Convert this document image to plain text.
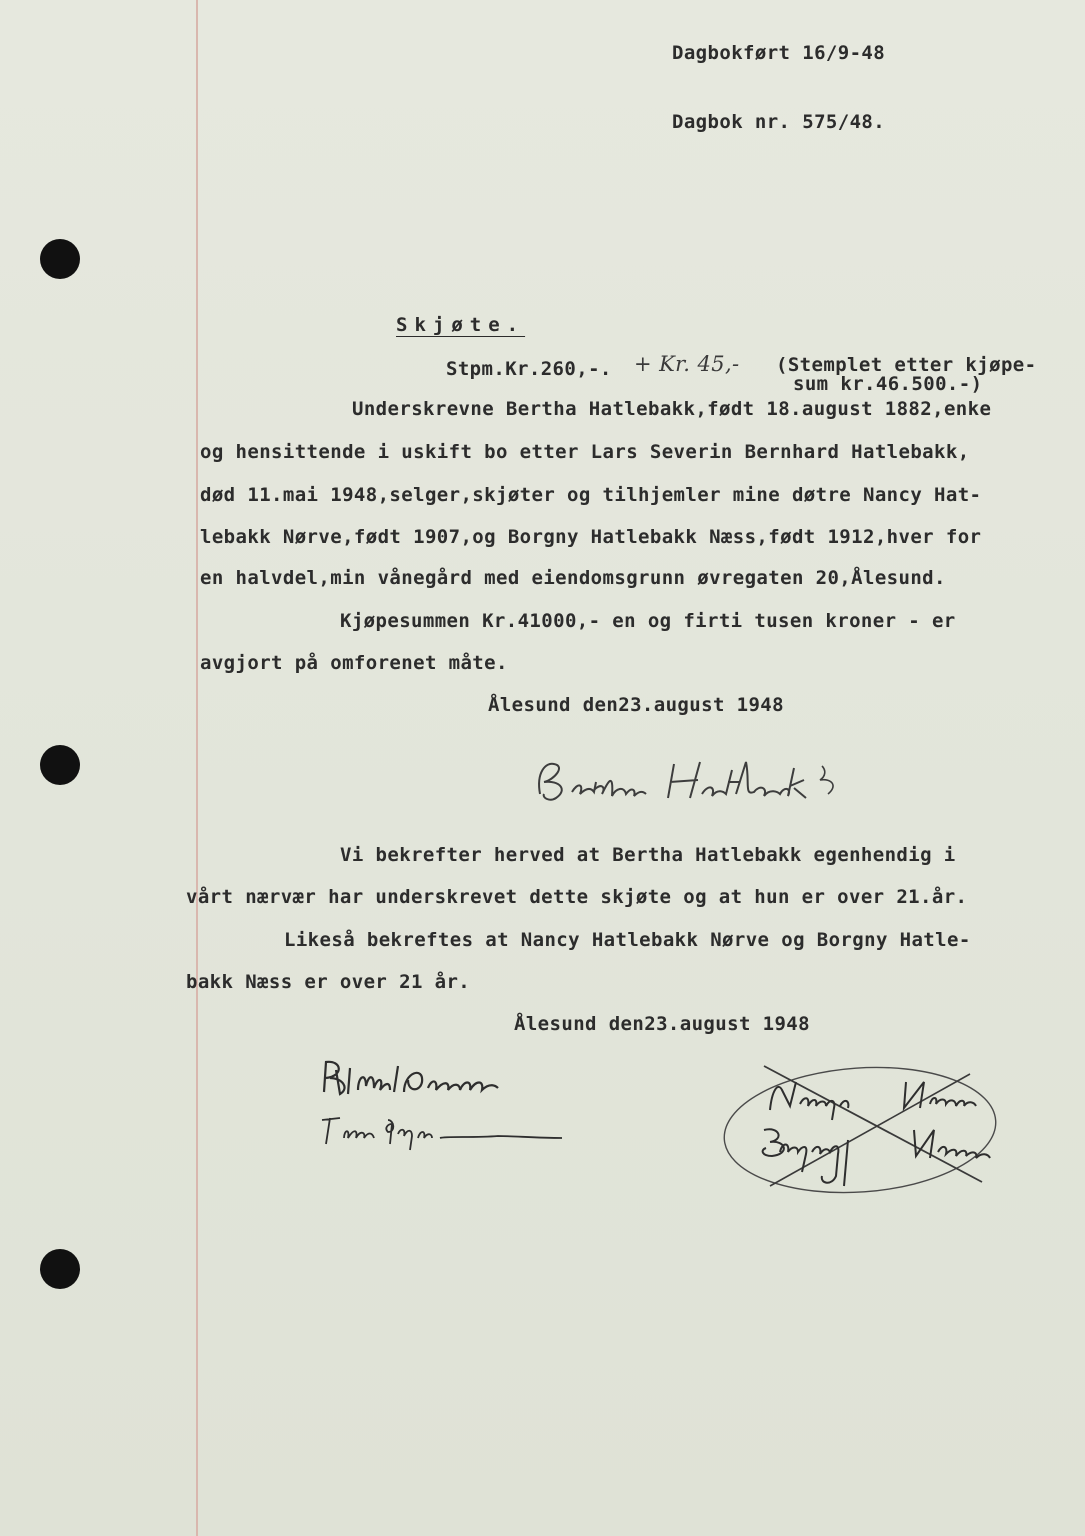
Dagbokført 16/9-48
Dagbok nr. 575/48.
Skjøte.
Stpm.Kr.260,-. + Kr. 45,- (Stemplet etter kjøpe-
sum kr.46.500.-)
Underskrevne Bertha Hatlebakk,født 18.august 1882,enke
og hensittende i uskift bo etter Lars Severin Bernhard Hatlebakk,
død 11.mai 1948,selger,skjøter og tilhjemler mine døtre Nancy Hat-
lebakk Nørve,født 1907,og Borgny Hatlebakk Næss,født 1912,hver for
en halvdel,min vånegård med eiendomsgrunn øvregaten 20,Ålesund.
Kjøpesummen Kr.41000,- en og firti tusen kroner - er
avgjort på omforenet måte.
Ålesund den23.august 1948
Vi bekrefter herved at Bertha Hatlebakk egenhendig i
vårt nærvær har underskrevet dette skjøte og at hun er over 21.år.
Likeså bekreftes at Nancy Hatlebakk Nørve og Borgny Hatle-
bakk Næss er over 21 år.
Ålesund den23.august 1948
